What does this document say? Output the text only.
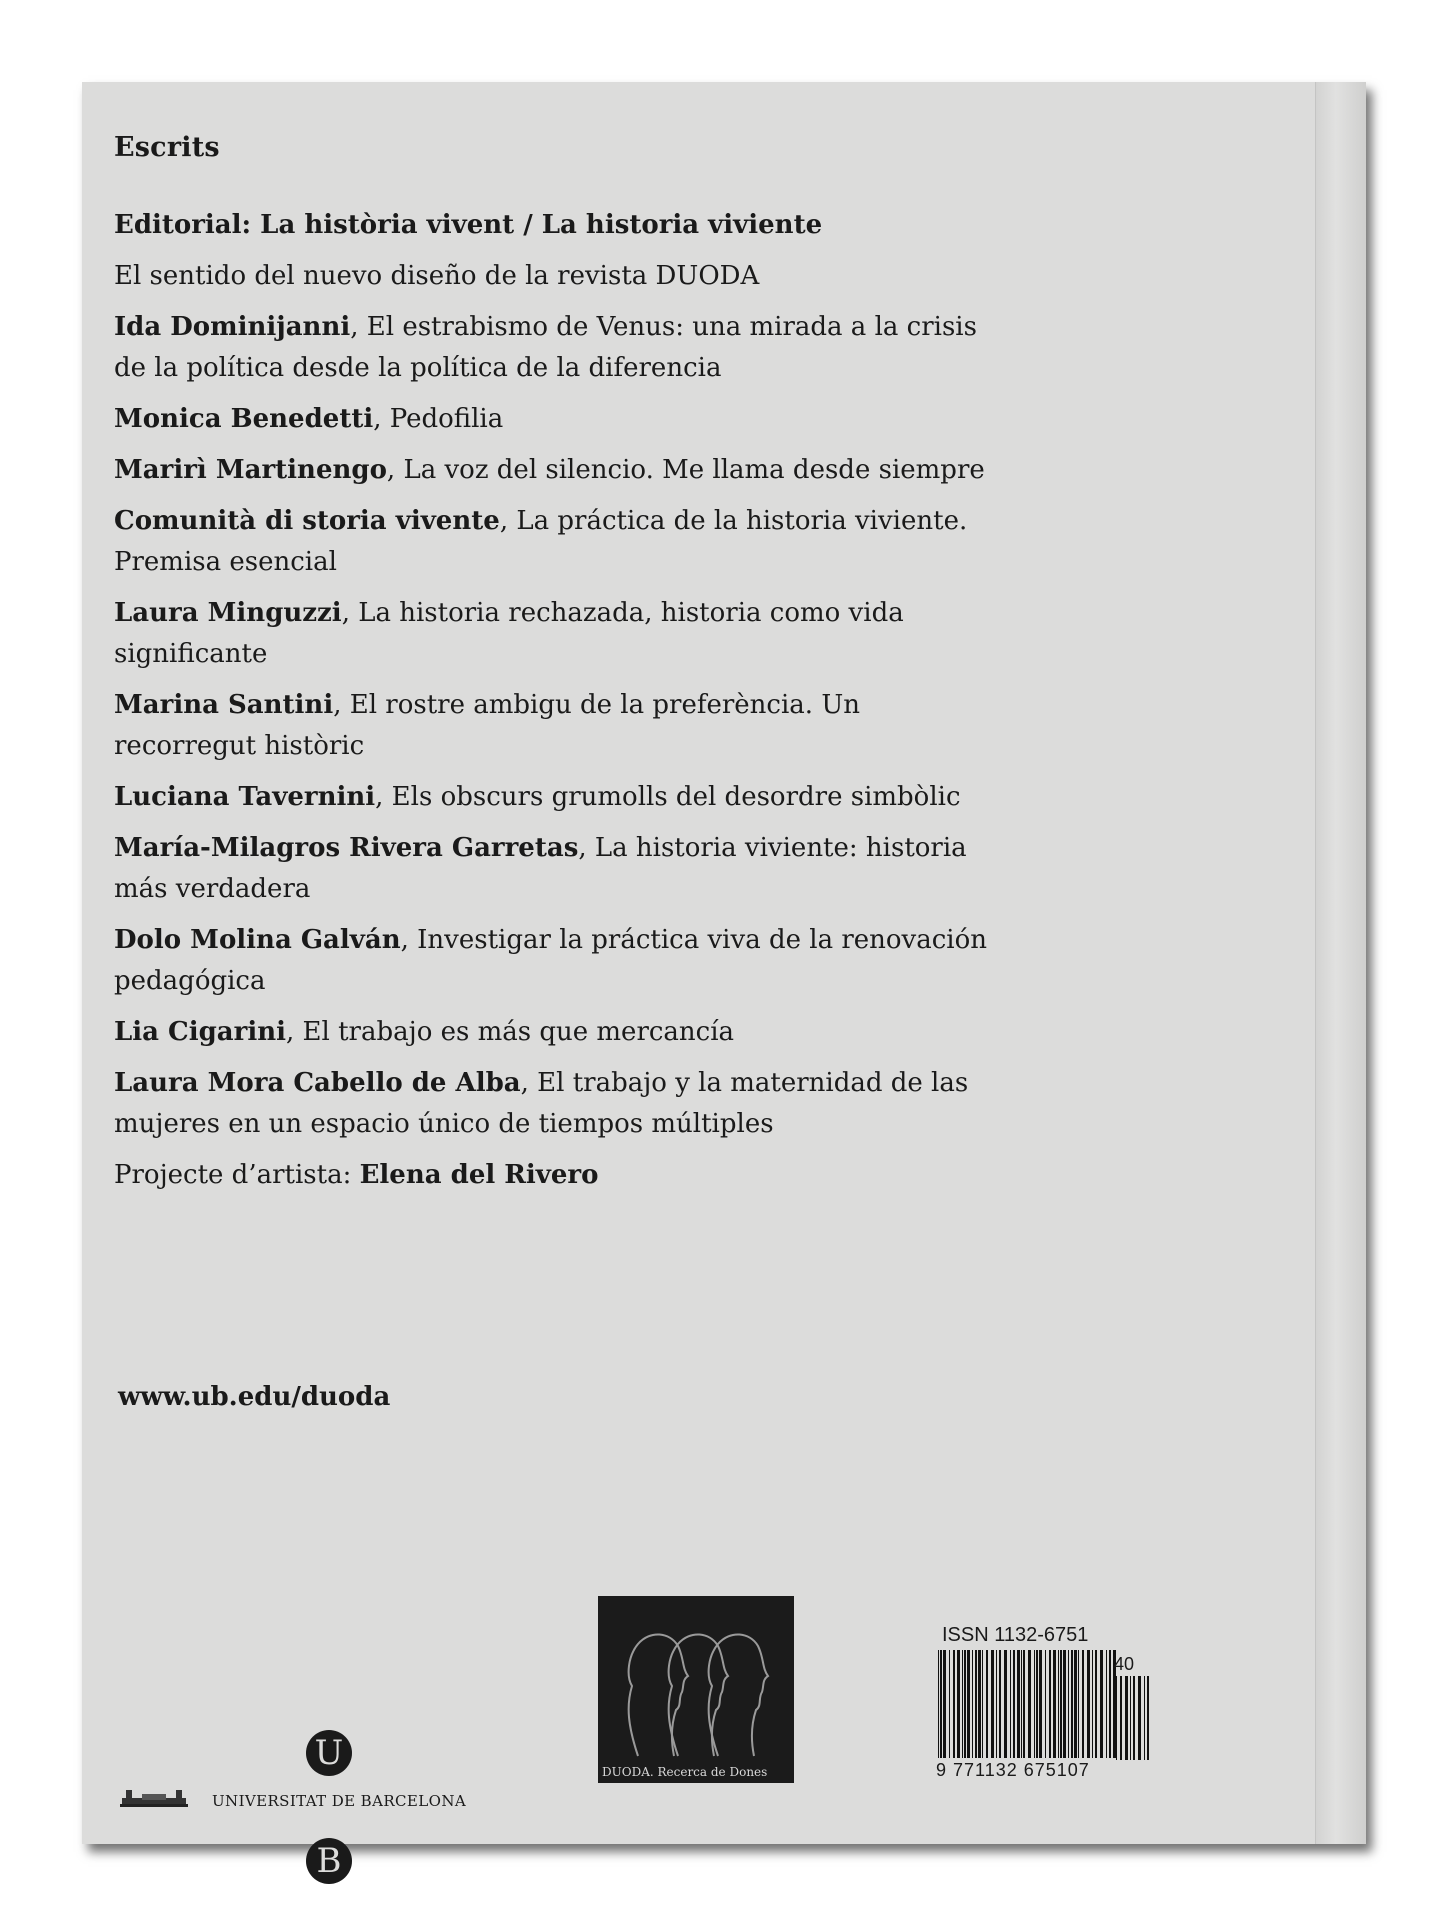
Escrits
Editorial: La història vivent / La historia viviente
El sentido del nuevo diseño de la revista DUODA
Ida Dominijanni, El estrabismo de Venus: una mirada a la crisis de la política desde la política de la diferencia
Monica Benedetti, Pedofilia
Marirì Martinengo, La voz del silencio. Me llama desde siempre
Comunità di storia vivente, La práctica de la historia viviente. Premisa esencial
Laura Minguzzi, La historia rechazada, historia como vida significante
Marina Santini, El rostre ambigu de la preferència. Un recorregut històric
Luciana Tavernini, Els obscurs grumolls del desordre simbòlic
María-Milagros Rivera Garretas, La historia viviente: historia más verdadera
Dolo Molina Galván, Investigar la práctica viva de la renovación pedagógica
Lia Cigarini, El trabajo es más que mercancía
Laura Mora Cabello de Alba, El trabajo y la maternidad de las mujeres en un espacio único de tiempos múltiples
Projecte d’artista: Elena del Rivero
www.ub.edu/duoda
U
UNIVERSITAT DE BARCELONA
B
DUODA. Recerca de Dones
ISSN 1132-6751
40
9 771132 675107
